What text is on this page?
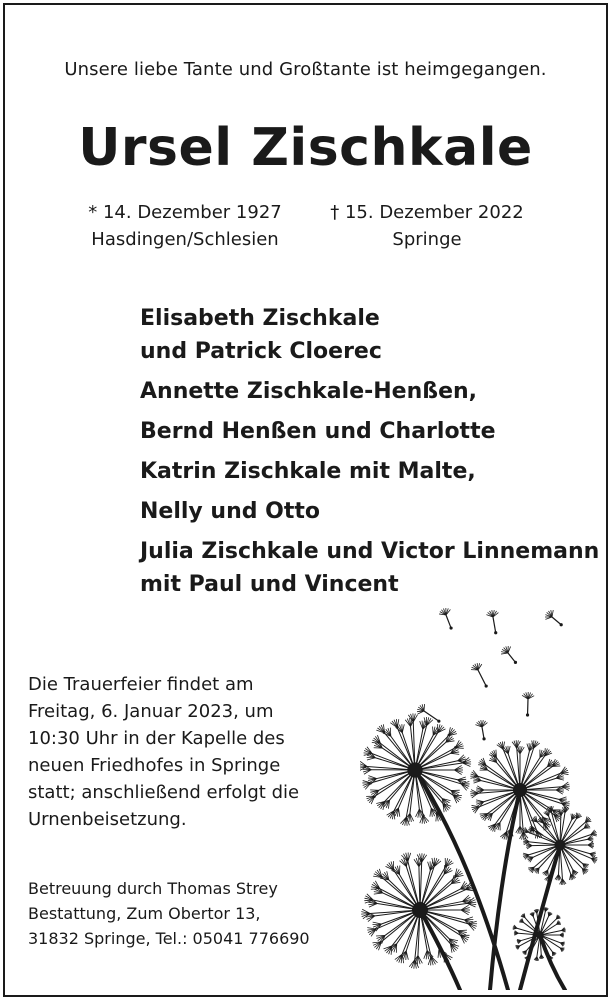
Unsere liebe Tante und Großtante ist heimgegangen.
Ursel Zischkale
* 14. Dezember 1927
Hasdingen/Schlesien
† 15. Dezember 2022
Springe
Elisabeth Zischkale
und Patrick Cloerec
Annette Zischkale-Henßen,
Bernd Henßen und Charlotte
Katrin Zischkale mit Malte,
Nelly und Otto
Julia Zischkale und Victor Linnemann
mit Paul und Vincent
Die Trauerfeier findet am
Freitag, 6. Januar 2023, um
10:30 Uhr in der Kapelle des
neuen Friedhofes in Springe
statt; anschließend erfolgt die
Urnenbeisetzung.
Betreuung durch Thomas Strey
Bestattung, Zum Obertor 13,
31832 Springe, Tel.: 05041 776690
